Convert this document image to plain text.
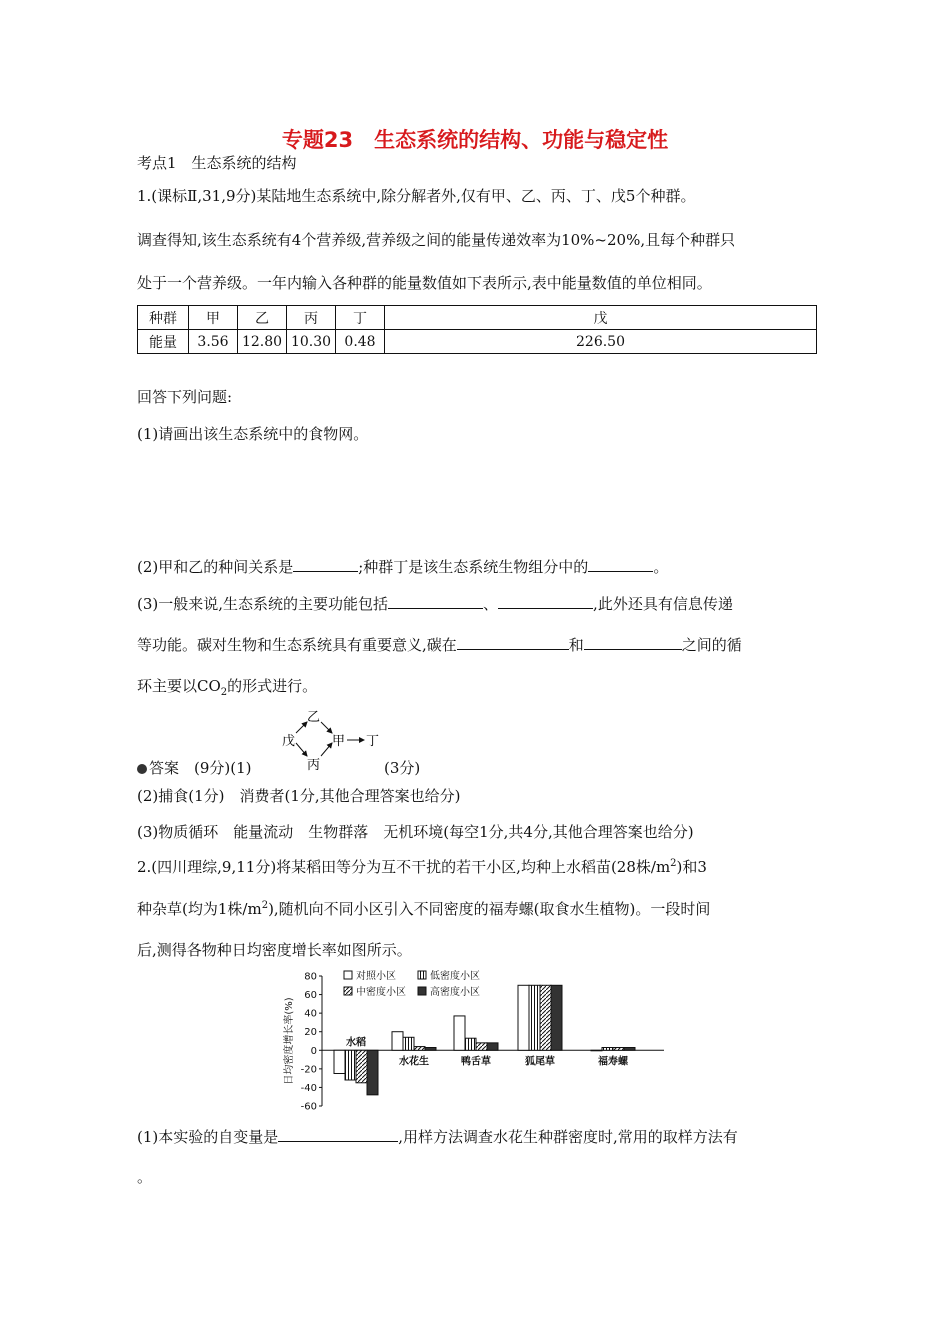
专题23　生态系统的结构、功能与稳定性
考点1　生态系统的结构
1.(课标Ⅱ,31,9分)某陆地生态系统中,除分解者外,仅有甲、乙、丙、丁、戊5个种群。
调查得知,该生态系统有4个营养级,营养级之间的能量传递效率为10%~20%,且每个种群只
处于一个营养级。一年内输入各种群的能量数值如下表所示,表中能量数值的单位相同。
种群	甲	乙	丙	丁	戊
能量	3.56	12.80	10.30	0.48	226.50
回答下列问题:
(1)请画出该生态系统中的食物网。
(2)甲和乙的种间关系是	;种群丁是该生态系统生物组分中的	。
(3)一般来说,生态系统的主要功能包括	、	,此外还具有信息传递
等功能。碳对生物和生态系统具有重要意义,碳在	和	之间的循
环主要以$CO_2$的形式进行。
乙
戊	甲 丁
丙
答案　 (9分)(1)	(3分)
(2)捕食(1分)　消费者(1分,其他合理答案也给分)
(3)物质循环　能量流动　生物群落　无机环境(每空1分,共4分,其他合理答案也给分)
2.(四川理综,9,11分)将某稻田等分为互不干扰的若干小区,均种上水稻苗(28株$/m^2$)和3
种杂草(均为1株$/m^2$),随机向不同小区引入不同密度的福寿螺(取食水生植物)。一段时间
后,测得各物种日均密度增长率如图所示。
80
60
40
20
0
-20
-40
-60
日均密度增长率(%)
对照小区	低密度小区
中密度小区 高密度小区
水稻
水花生	鸭舌草	狐尾草	福寿螺
(1)本实验的自变量是	,用样方法调查水花生种群密度时,常用的取样方法有
。
